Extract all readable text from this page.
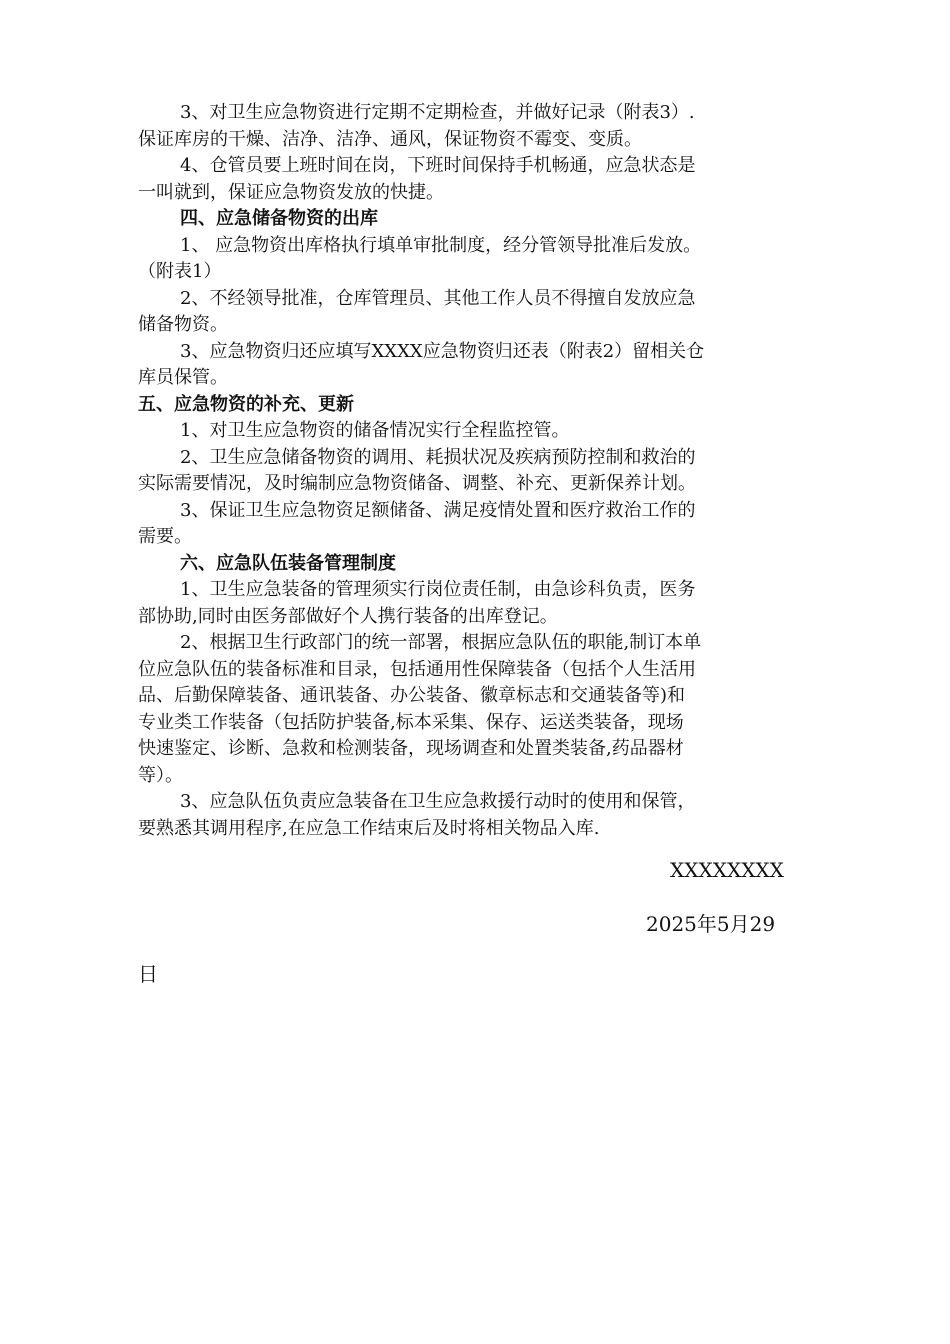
3、对卫生应急物资进行定期不定期检查，并做好记录（附表3）.
保证库房的干燥、洁净、洁净、通风，保证物资不霉变、变质。
4、仓管员要上班时间在岗，下班时间保持手机畅通，应急状态是
一叫就到，保证应急物资发放的快捷。
四、应急储备物资的出库
1、 应急物资出库格执行填单审批制度，经分管领导批准后发放。
（附表1）
2、不经领导批准，仓库管理员、其他工作人员不得擅自发放应急
储备物资。
3、应急物资归还应填写XXXX应急物资归还表（附表2）留相关仓
库员保管。
五、应急物资的补充、更新
1、对卫生应急物资的储备情况实行全程监控管。
2、卫生应急储备物资的调用、耗损状况及疾病预防控制和救治的
实际需要情况，及时编制应急物资储备、调整、补充、更新保养计划。
3、保证卫生应急物资足额储备、满足疫情处置和医疗救治工作的
需要。
六、应急队伍装备管理制度
1、卫生应急装备的管理须实行岗位责任制，由急诊科负责，医务
部协助,同时由医务部做好个人携行装备的出库登记。
2、根据卫生行政部门的统一部署，根据应急队伍的职能,制订本单
位应急队伍的装备标准和目录，包括通用性保障装备（包括个人生活用
品、后勤保障装备、通讯装备、办公装备、徽章标志和交通装备等)和
专业类工作装备（包括防护装备,标本采集、保存、运送类装备，现场
快速鉴定、诊断、急救和检测装备，现场调查和处置类装备,药品器材
等）。
3、应急队伍负责应急装备在卫生应急救援行动时的使用和保管，
要熟悉其调用程序,在应急工作结束后及时将相关物品入库.
XXXXXXXX
2025年5月29
日
